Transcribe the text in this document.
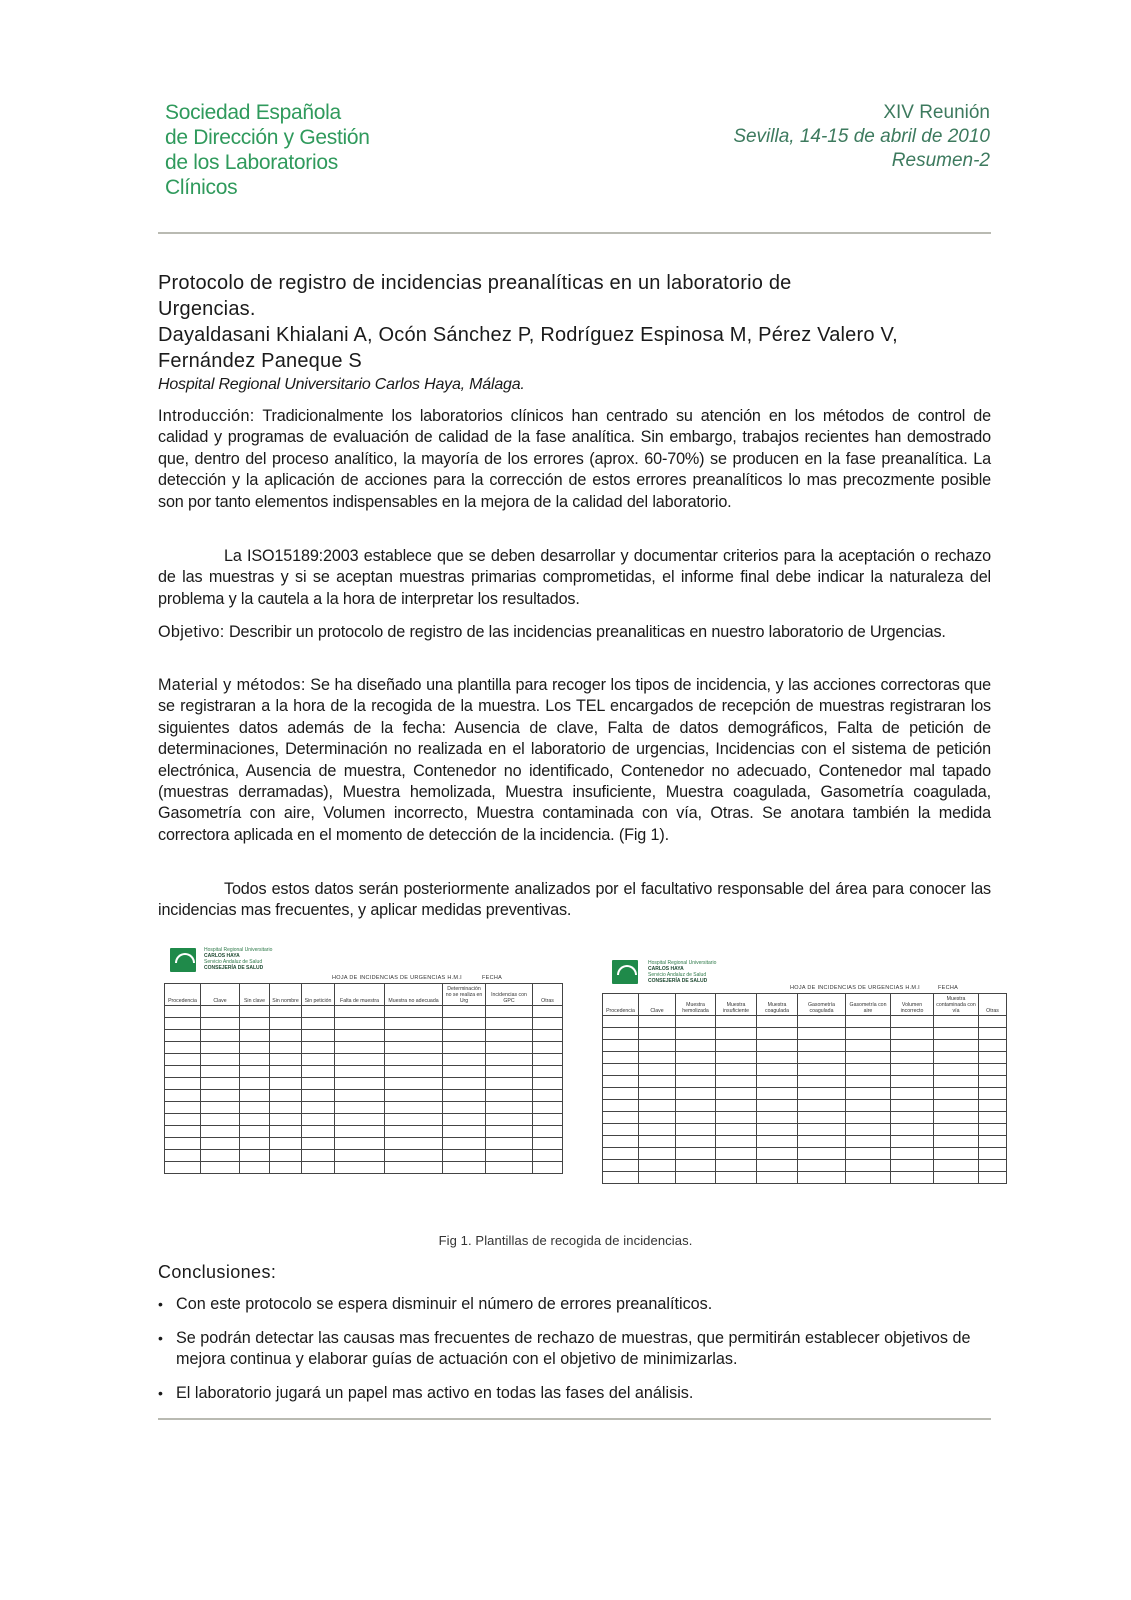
Sociedad Española
de Dirección y Gestión
de los Laboratorios
Clínicos
XIV Reunión
Sevilla, 14-15 de abril de 2010
Resumen-2
Protocolo de registro de incidencias preanalíticas en un laboratorio de
Urgencias.
Dayaldasani Khialani A, Ocón Sánchez P, Rodríguez Espinosa M, Pérez Valero V,
Fernández Paneque S
Hospital Regional Universitario Carlos Haya, Málaga.
Introducción: Tradicionalmente los laboratorios clínicos han centrado su atención en los métodos de control de calidad y programas de evaluación de calidad de la fase analítica. Sin embargo, trabajos recientes han demostrado que, dentro del proceso analítico, la mayoría de los errores (aprox. 60-70%) se producen en la fase preanalítica. La detección y la aplicación de acciones para la corrección de estos errores preanalíticos lo mas precozmente posible son por tanto elementos indispensables en la mejora de la calidad del laboratorio.
La ISO15189:2003 establece que se deben desarrollar y documentar criterios para la aceptación o rechazo de las muestras y si se aceptan muestras primarias comprometidas, el informe final debe indicar la naturaleza del problema y la cautela a la hora de interpretar los resultados.
Objetivo: Describir un protocolo de registro de las incidencias preanaliticas en nuestro laboratorio de Urgencias.
Material y métodos: Se ha diseñado una plantilla para recoger los tipos de incidencia, y las acciones correctoras que se registraran a la hora de la recogida de la muestra. Los TEL encargados de recepción de muestras registraran los siguientes datos además de la fecha: Ausencia de clave, Falta de datos demográficos, Falta de petición de determinaciones, Determinación no realizada en el laboratorio de urgencias, Incidencias con el sistema de petición electrónica, Ausencia de muestra, Contenedor no identificado, Contenedor no adecuado, Contenedor mal tapado (muestras derramadas), Muestra hemolizada, Muestra insuficiente, Muestra coagulada, Gasometría coagulada, Gasometría con aire, Volumen incorrecto, Muestra contaminada con vía, Otras. Se anotara también la medida correctora aplicada en el momento de detección de la incidencia. (Fig 1).
Todos estos datos serán posteriormente analizados por el facultativo responsable del área para conocer las incidencias mas frecuentes, y aplicar medidas preventivas.
Hospital Regional Universitario
CARLOS HAYA
Servicio Andaluz de Salud
CONSEJERÍA DE SALUD
HOJA DE INCIDENCIAS DE URGENCIAS H.M.I	FECHA
Procedencia	Clave	Sin clave	Sin nombre	Sin petición	Falta de muestra	Muestra no adecuada	Determinación no se realiza en Urg	Incidencias con GPC	Otras

Hospital Regional Universitario
CARLOS HAYA
Servicio Andaluz de Salud
CONSEJERÍA DE SALUD
HOJA DE INCIDENCIAS DE URGENCIAS H.M.I	FECHA
Procedencia	Clave	Muestra hemolizada	Muestra insuficiente	Muestra coagulada	Gasometría coagulada	Gasometría con aire	Volumen incorrecto	Muestra contaminada con vía	Otras

Fig 1. Plantillas de recogida de incidencias.
Conclusiones:
• Con este protocolo se espera disminuir el número de errores preanalíticos.
• Se podrán detectar las causas mas frecuentes de rechazo de muestras, que permitirán establecer objetivos de mejora continua y elaborar guías de actuación con el objetivo de minimizarlas.
• El laboratorio jugará un papel mas activo en todas las fases del análisis.
